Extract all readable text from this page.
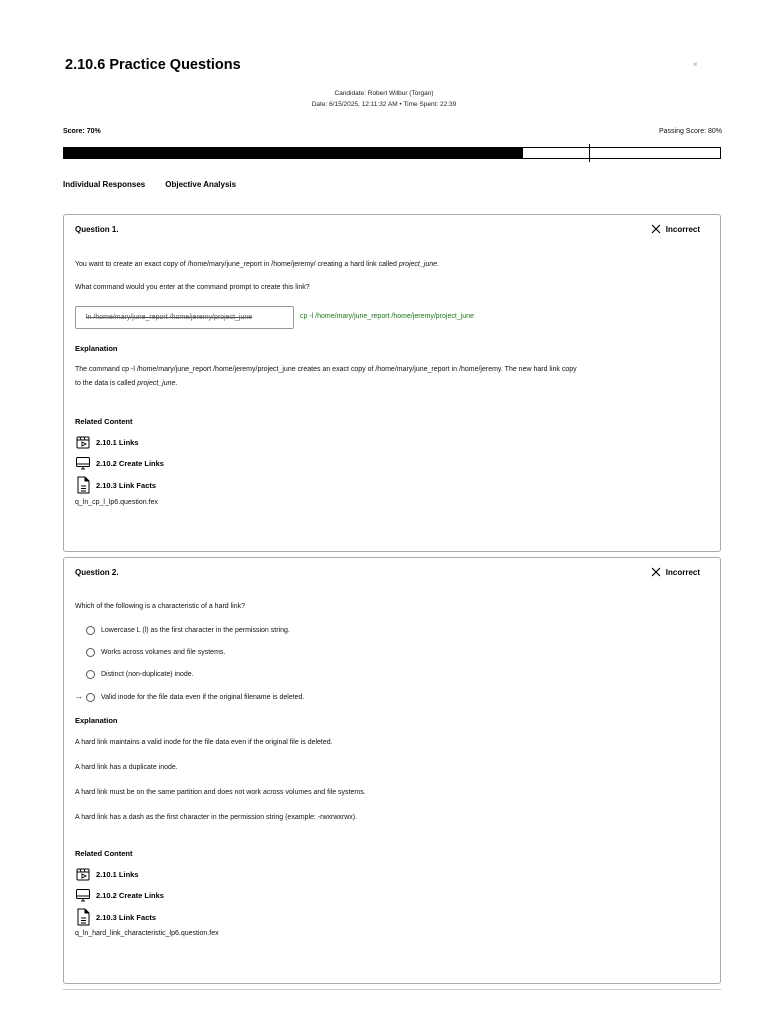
2.10.6 Practice Questions	×
Candidate: Robert Wilbur (Torgan)
Date: 6/15/2025, 12:11:32 AM • Time Spent: 22:39
Score: 70%	Passing Score: 80%
Individual Responses	Objective Analysis
Question 1.	Incorrect
You want to create an exact copy of /home/mary/june_report in /home/jeremy/ creating a hard link called project_june.
What command would you enter at the command prompt to create this link?
ln /home/mary/june_report /home/jeremy/project_june	cp -l /home/mary/june_report /home/jeremy/project_june
Explanation
The command cp -l /home/mary/june_report /home/jeremy/project_june creates an exact copy of /home/mary/june_report in /home/jeremy. The new hard link copy
to the data is called project_june.
Related Content
2.10.1 Links
2.10.2 Create Links
2.10.3 Link Facts
q_ln_cp_l_lp6.question.fex
Question 2.	Incorrect
Which of the following is a characteristic of a hard link?
Lowercase L (l) as the first character in the permission string.
Works across volumes and file systems.
Distinct (non-duplicate) inode.
→	Valid inode for the file data even if the original filename is deleted.
Explanation
A hard link maintains a valid inode for the file data even if the original file is deleted.
A hard link has a duplicate inode.
A hard link must be on the same partition and does not work across volumes and file systems.
A hard link has a dash as the first character in the permission string (example: -rwxrwxrwx).
Related Content
2.10.1 Links
2.10.2 Create Links
2.10.3 Link Facts
q_ln_hard_link_characteristic_lp6.question.fex
